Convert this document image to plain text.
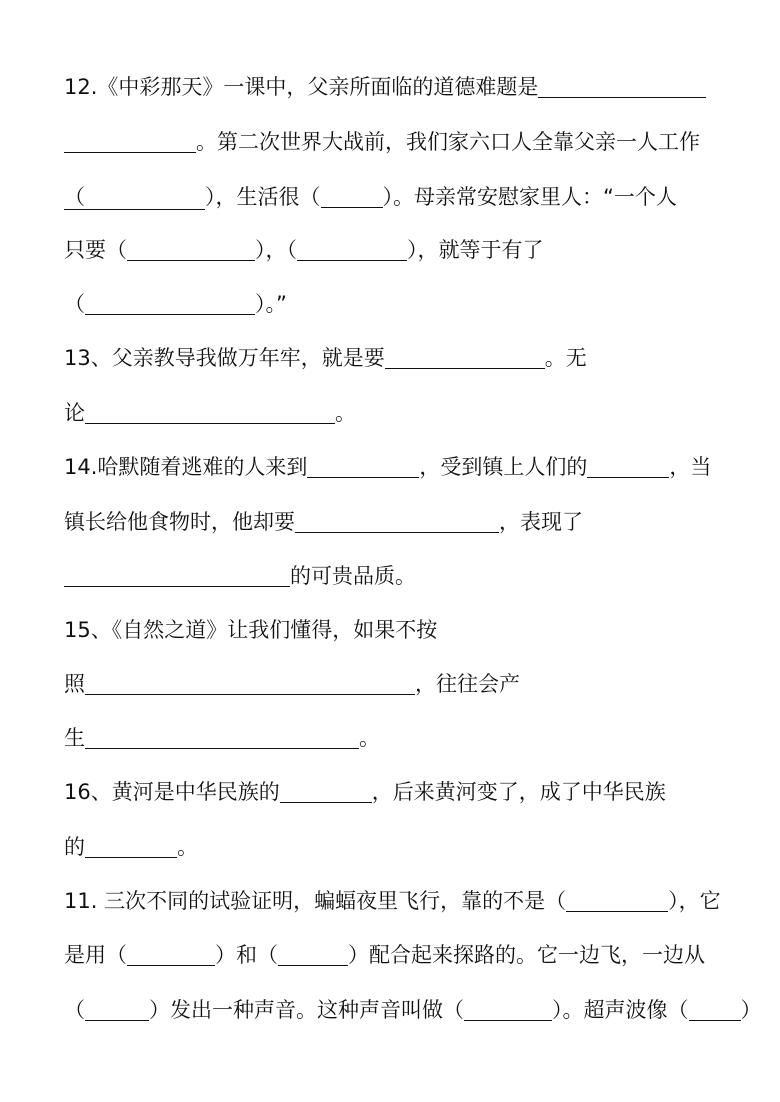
12.《中彩那天》一课中，父亲所面临的道德难题是
。第二次世界大战前，我们家六口人全靠父亲一人工作
（	），生活很（	）。母亲常安慰家里人：“一个人
只要（	），（	），就等于有了
（	）。”
13、父亲教导我做万年牢，就是要	。无
论	。
14.哈默随着逃难的人来到	，受到镇上人们的	，当
镇长给他食物时，他却要	，表现了
的可贵品质。
15、《自然之道》让我们懂得，如果不按
照	，往往会产
生	。
16、黄河是中华民族的	，后来黄河变了，成了中华民族
的	。
11. 三次不同的试验证明，蝙蝠夜里飞行，靠的不是（	），它
是用（	）和（	）配合起来探路的。它一边飞，一边从
（	）发出一种声音。这种声音叫做（	）。超声波像（ ）
